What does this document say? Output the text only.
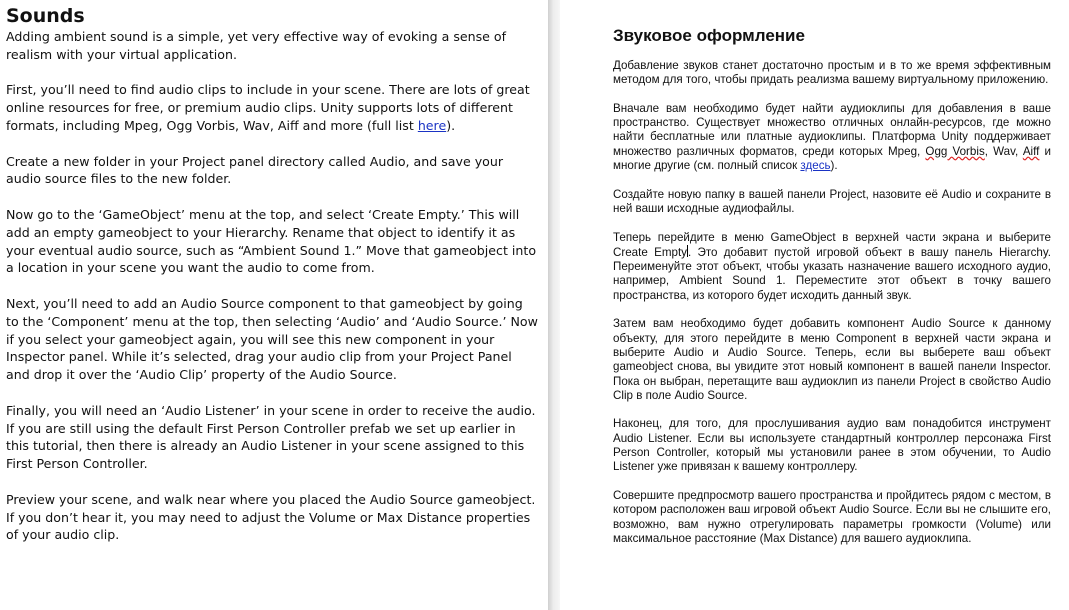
Sounds

Adding ambient sound is a simple, yet very effective way of evoking a sense of realism with your virtual application.

First, you’ll need to find audio clips to include in your scene. There are lots of great online resources for free, or premium audio clips. Unity supports lots of different formats, including Mpeg, Ogg Vorbis, Wav, Aiff and more (full list here).

Create a new folder in your Project panel directory called Audio, and save your audio source files to the new folder.

Now go to the ‘GameObject’ menu at the top, and select ‘Create Empty.’ This will add an empty gameobject to your Hierarchy. Rename that object to identify it as your eventual audio source, such as “Ambient Sound 1.” Move that gameobject into a location in your scene you want the audio to come from.

Next, you’ll need to add an Audio Source component to that gameobject by going to the ‘Component’ menu at the top, then selecting ‘Audio’ and ‘Audio Source.’ Now if you select your gameobject again, you will see this new component in your Inspector panel. While it’s selected, drag your audio clip from your Project Panel and drop it over the ‘Audio Clip’ property of the Audio Source.

Finally, you will need an ‘Audio Listener’ in your scene in order to receive the audio. If you are still using the default First Person Controller prefab we set up earlier in this tutorial, then there is already an Audio Listener in your scene assigned to this First Person Controller.

Preview your scene, and walk near where you placed the Audio Source gameobject. If you don’t hear it, you may need to adjust the Volume or Max Distance properties of your audio clip.

Звуковое оформление

Добавление звуков станет достаточно простым и в то же время эффективным методом для того, чтобы придать реализма вашему виртуальному приложению.

Вначале вам необходимо будет найти аудиоклипы для добавления в ваше пространство. Существует множество отличных онлайн-ресурсов, где можно найти бесплатные или платные аудиоклипы. Платформа Unity поддерживает множество различных форматов, среди которых Mpeg, Ogg Vorbis, Wav, Aiff и многие другие (см. полный список здесь).

Создайте новую папку в вашей панели Project, назовите её Audio и сохраните в ней ваши исходные аудиофайлы.

Теперь перейдите в меню GameObject в верхней части экрана и выберите Create Empty. Это добавит пустой игровой объект в вашу панель Hierarchy. Переименуйте этот объект, чтобы указать назначение вашего исходного аудио, например, Ambient Sound 1. Переместите этот объект в точку вашего пространства, из которого будет исходить данный звук.

Затем вам необходимо будет добавить компонент Audio Source к данному объекту, для этого перейдите в меню Component в верхней части экрана и выберите Audio и Audio Source. Теперь, если вы выберете ваш объект gameobject снова, вы увидите этот новый компонент в вашей панели Inspector. Пока он выбран, перетащите ваш аудиоклип из панели Project в свойство Audio Clip в поле Audio Source.

Наконец, для того, для прослушивания аудио вам понадобится инструмент Audio Listener. Если вы используете стандартный контроллер персонажа First Person Controller, который мы установили ранее в этом обучении, то Audio Listener уже привязан к вашему контроллеру.

Совершите предпросмотр вашего пространства и пройдитесь рядом с местом, в котором расположен ваш игровой объект Audio Source. Если вы не слышите его, возможно, вам нужно отрегулировать параметры громкости (Volume) или максимальное расстояние (Max Distance) для вашего аудиоклипа.
